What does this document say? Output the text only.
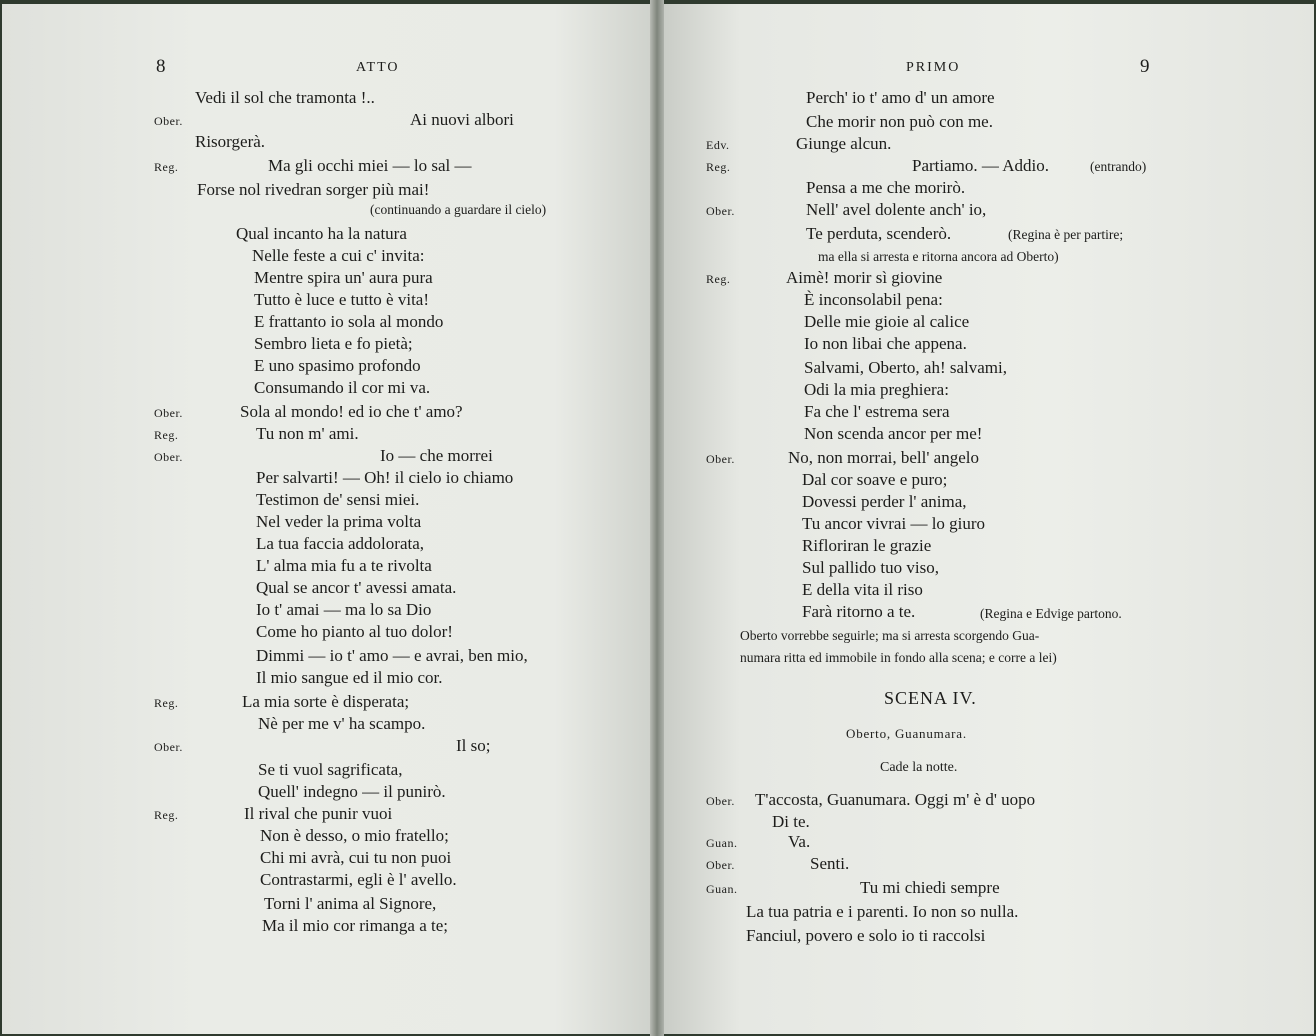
8	ATTO	PRIMO	9
SCENA IV.
Oberto, Guanumara.
Cade la notte.
Vedi il sol che tramonta !..
Ai nuovi albori
Ober.
Risorgerà.
Ma gli occhi miei — lo sal —
Reg.
Forse nol rivedran sorger più mai!
(continuando a guardare il cielo)
Qual incanto ha la natura
Nelle feste a cui c' invita:
Mentre spira un' aura pura
Tutto è luce e tutto è vita!
E frattanto io sola al mondo
Sembro lieta e fo pietà;
E uno spasimo profondo
Consumando il cor mi va.
Sola al mondo! ed io che t' amo?
Ober.
Tu non m' ami.
Reg.
Io — che morrei
Ober.
Per salvarti! — Oh! il cielo io chiamo
Testimon de' sensi miei.
Nel veder la prima volta
La tua faccia addolorata,
L' alma mia fu a te rivolta
Qual se ancor t' avessi amata.
Io t' amai — ma lo sa Dio
Come ho pianto al tuo dolor!
Dimmi — io t' amo — e avrai, ben mio,
Il mio sangue ed il mio cor.
La mia sorte è disperata;
Reg.
Nè per me v' ha scampo.
Il so;
Ober.
Se ti vuol sagrificata,
Quell' indegno — il punirò.
Il rival che punir vuoi
Reg.
Non è desso, o mio fratello;
Chi mi avrà, cui tu non puoi
Contrastarmi, egli è l' avello.
Torni l' anima al Signore,
Ma il mio cor rimanga a te;
Perch' io t' amo d' un amore
Che morir non può con me.
Giunge alcun.
Edv.
Partiamo. — Addio.
Reg.
Pensa a me che morirò.
Nell' avel dolente anch' io,
Ober.
Te perduta, scenderò.
Aimè! morir sì giovine
Reg.
È inconsolabil pena:
Delle mie gioie al calice
Io non libai che appena.
Salvami, Oberto, ah! salvami,
Odi la mia preghiera:
Fa che l' estrema sera
Non scenda ancor per me!
No, non morrai, bell' angelo
Ober.
Dal cor soave e puro;
Dovessi perder l' anima,
Tu ancor vivrai — lo giuro
Rifloriran le grazie
Sul pallido tuo viso,
E della vita il riso
Farà ritorno a te.
T'accosta, Guanumara. Oggi m' è d' uopo
Ober.
Di te.
Va.
Guan.
Senti.
Ober.
Tu mi chiedi sempre
Guan.
La tua patria e i parenti. Io non so nulla.
Fanciul, povero e solo io ti raccolsi
(entrando)
(Regina è per partire;
ma ella si arresta e ritorna ancora ad Oberto)
(Regina e Edvige partono.
Oberto vorrebbe seguirle; ma si arresta scorgendo Gua-
numara ritta ed immobile in fondo alla scena; e corre a lei)
